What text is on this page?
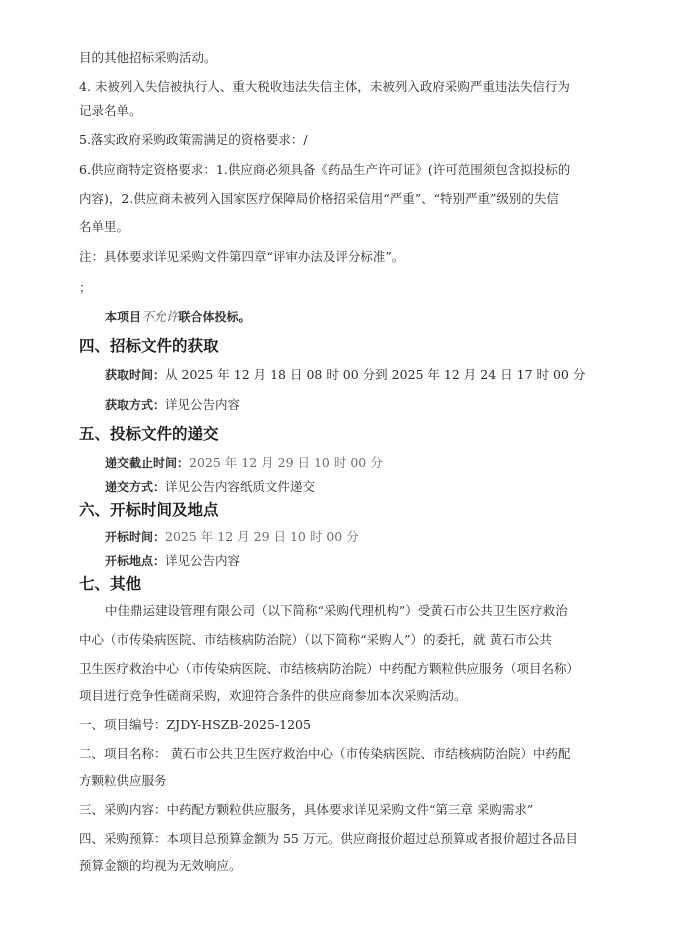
目的其他招标采购活动。
4. 未被列入失信被执行人、重大税收违法失信主体，未被列入政府采购严重违法失信行为
记录名单。
5.落实政府采购政策需满足的资格要求：/
6.供应商特定资格要求：1.供应商必须具备《药品生产许可证》(许可范围须包含拟投标的
内容)，2.供应商未被列入国家医疗保障局价格招采信用“严重”、“特别严重”级别的失信
名单里。
注：具体要求详见采购文件第四章“评审办法及评分标准”。
；
本项目不允许联合体投标。
四、招标文件的获取
获取时间：从 2025 年 12 月 18 日 08 时 00 分到 2025 年 12 月 24 日 17 时 00 分
获取方式：详见公告内容
五、投标文件的递交
递交截止时间：2025 年 12 月 29 日 10 时 00 分
递交方式：详见公告内容纸质文件递交
六、开标时间及地点
开标时间：2025 年 12 月 29 日 10 时 00 分
开标地点：详见公告内容
七、其他
中佳鼎运建设管理有限公司（以下简称“采购代理机构”）受黄石市公共卫生医疗救治
中心（市传染病医院、市结核病防治院）（以下简称“采购人”）的委托，就 黄石市公共
卫生医疗救治中心（市传染病医院、市结核病防治院）中药配方颗粒供应服务（项目名称）
项目进行竞争性磋商采购，欢迎符合条件的供应商参加本次采购活动。
一、项目编号：ZJDY-HSZB-2025-1205
二、项目名称： 黄石市公共卫生医疗救治中心（市传染病医院、市结核病防治院）中药配
方颗粒供应服务
三、采购内容：中药配方颗粒供应服务，具体要求详见采购文件“第三章 采购需求”
四、采购预算：本项目总预算金额为 55 万元。供应商报价超过总预算或者报价超过各品目
预算金额的均视为无效响应。
